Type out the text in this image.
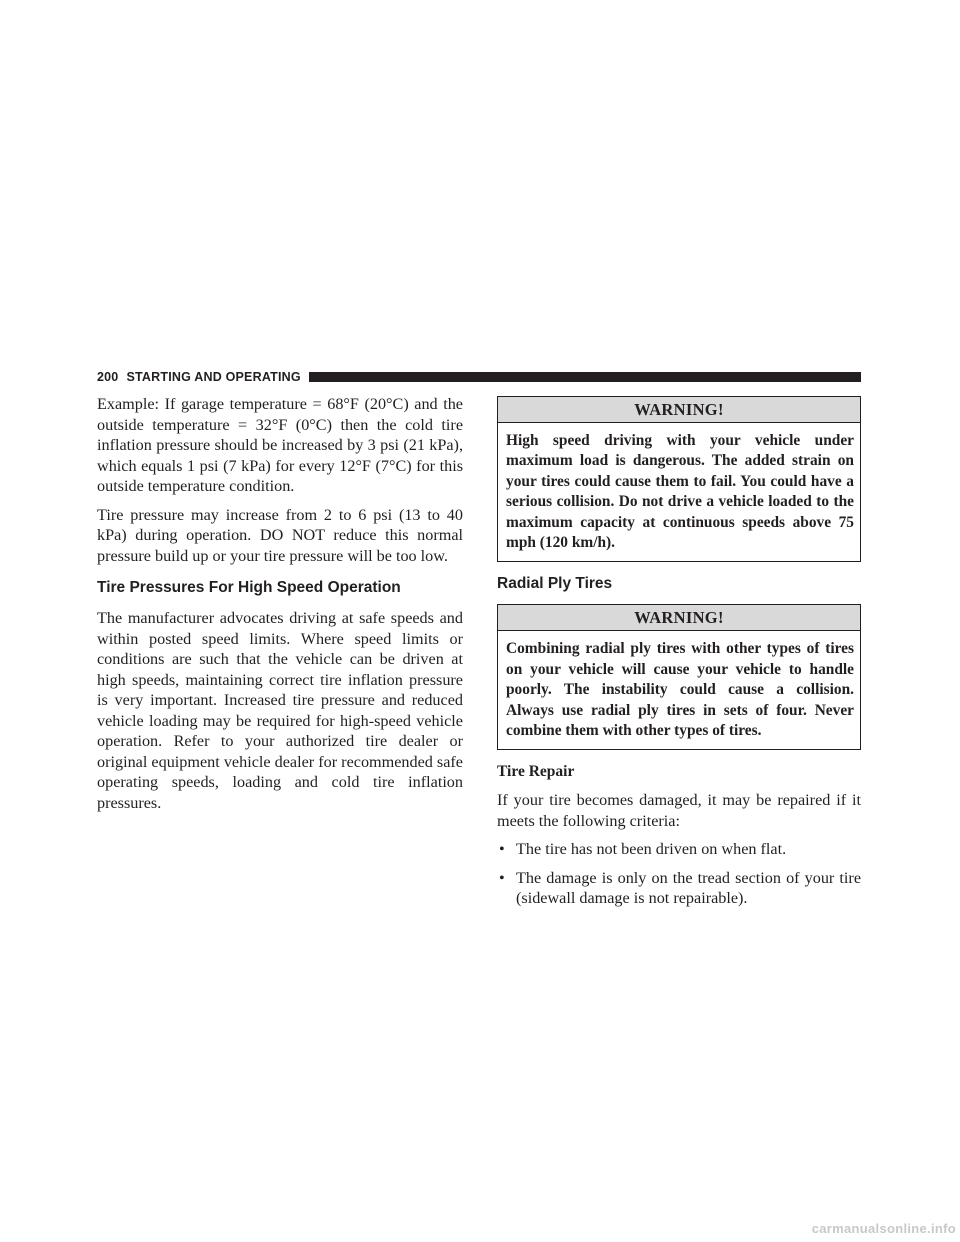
200 STARTING AND OPERATING

Example: If garage temperature = 68°F (20°C) and the outside temperature = 32°F (0°C) then the cold tire inflation pressure should be increased by 3 psi (21 kPa), which equals 1 psi (7 kPa) for every 12°F (7°C) for this outside temperature condition.

Tire pressure may increase from 2 to 6 psi (13 to 40 kPa) during operation. DO NOT reduce this normal pressure build up or your tire pressure will be too low.

Tire Pressures For High Speed Operation

The manufacturer advocates driving at safe speeds and within posted speed limits. Where speed limits or conditions are such that the vehicle can be driven at high speeds, maintaining correct tire inflation pressure is very important. Increased tire pressure and reduced vehicle loading may be required for high-speed vehicle operation. Refer to your authorized tire dealer or original equipment vehicle dealer for recommended safe operating speeds, loading and cold tire inflation pressures.

WARNING!
High speed driving with your vehicle under maximum load is dangerous. The added strain on your tires could cause them to fail. You could have a serious collision. Do not drive a vehicle loaded to the maximum capacity at continuous speeds above 75 mph (120 km/h).
Radial Ply Tires
WARNING!
Combining radial ply tires with other types of tires on your vehicle will cause your vehicle to handle poorly. The instability could cause a collision. Always use radial ply tires in sets of four. Never combine them with other types of tires.
Tire Repair

If your tire becomes damaged, it may be repaired if it meets the following criteria:

• The tire has not been driven on when flat.
• The damage is only on the tread section of your tire (sidewall damage is not repairable).
carmanualsonline.info
